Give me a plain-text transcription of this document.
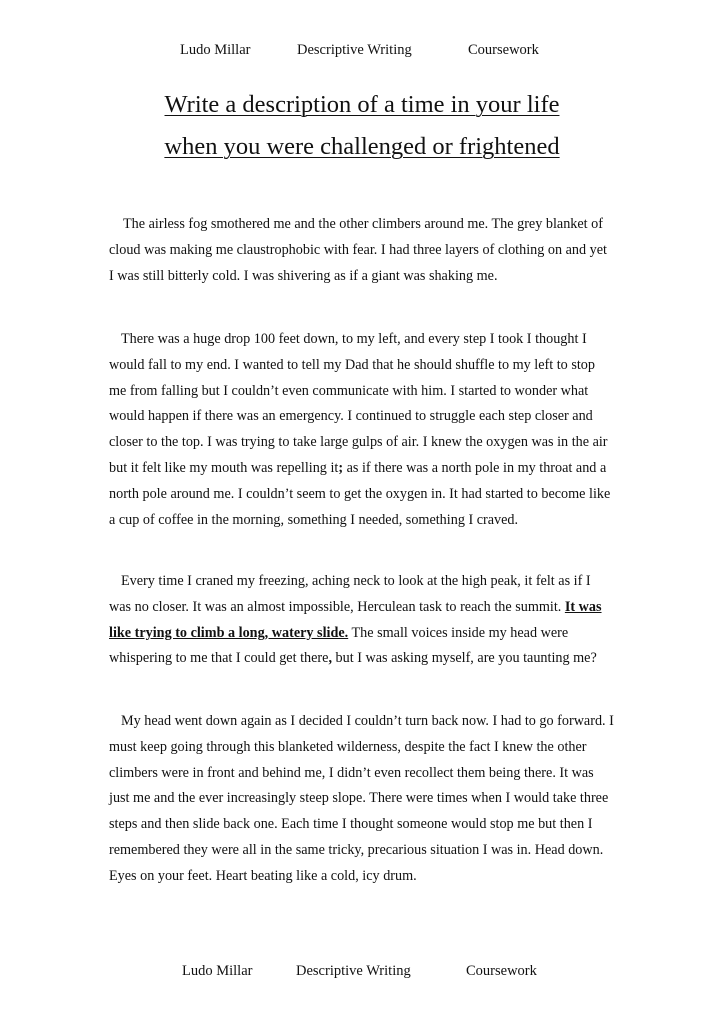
Ludo Millar	Descriptive Writing	Coursework
Write a description of a time in your life
when you were challenged or frightened

The airless fog smothered me and the other climbers around me. The grey blanket of cloud was making me claustrophobic with fear. I had three layers of clothing on and yet I was still bitterly cold. I was shivering as if a giant was shaking me.

There was a huge drop 100 feet down, to my left, and every step I took I thought I would fall to my end. I wanted to tell my Dad that he should shuffle to my left to stop me from falling but I couldn’t even communicate with him. I started to wonder what would happen if there was an emergency. I continued to struggle each step closer and closer to the top. I was trying to take large gulps of air. I knew the oxygen was in the air but it felt like my mouth was repelling it; as if there was a north pole in my throat and a north pole around me. I couldn’t seem to get the oxygen in. It had started to become like a cup of coffee in the morning, something I needed, something I craved.

Every time I craned my freezing, aching neck to look at the high peak, it felt as if I was no closer. It was an almost impossible, Herculean task to reach the summit. It was like trying to climb a long, watery slide. The small voices inside my head were whispering to me that I could get there, but I was asking myself, are you taunting me?

My head went down again as I decided I couldn’t turn back now. I had to go forward. I must keep going through this blanketed wilderness, despite the fact I knew the other climbers were in front and behind me, I didn’t even recollect them being there. It was just me and the ever increasingly steep slope. There were times when I would take three steps and then slide back one. Each time I thought someone would stop me but then I remembered they were all in the same tricky, precarious situation I was in. Head down. Eyes on your feet. Heart beating like a cold, icy drum.

Ludo Millar	Descriptive Writing	Coursework
